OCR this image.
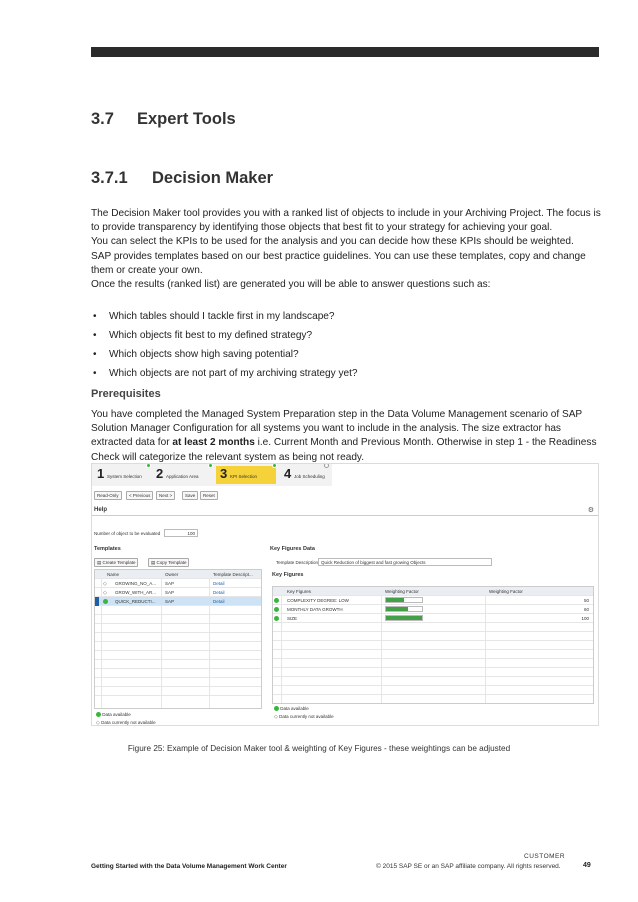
3.7 Expert Tools
3.7.1 Decision Maker
The Decision Maker tool provides you with a ranked list of objects to include in your Archiving Project. The focus is to provide transparency by identifying those objects that best fit to your strategy for achieving your goal.
You can select the KPIs to be used for the analysis and you can decide how these KPIs should be weighted.
SAP provides templates based on our best practice guidelines. You can use these templates, copy and change them or create your own.
Once the results (ranked list) are generated you will be able to answer questions such as:
• Which tables should I tackle first in my landscape?
• Which objects fit best to my defined strategy?
• Which objects show high saving potential?
• Which objects are not part of my archiving strategy yet?
Prerequisites
You have completed the Managed System Preparation step in the Data Volume Management scenario of SAP Solution Manager Configuration for all systems you want to include in the analysis. The size extractor has extracted data for at least 2 months i.e. Current Month and Previous Month. Otherwise in step 1 - the Readiness Check will categorize the relevant system as being not ready.
1 System Selection 2 Application Area 3 KPI Selection 4 Job Scheduling
Read-Only	< Previous	Next >	Save	Reset
Help	⚙
Number of object to be evaluated	100
Templates	Key Figures Data
▤ Create Template	▤ Copy Template
Name	Owner	Template Descript...
◇ GROWING_NO_A... SAP	Detail
◇ GROW_WITH_AR... SAP	Detail
QUICK_REDUCTI... SAP	Detail
Template Description Quick Reduction of biggest and fast growing Objects
Key Figures
Key Figures	Weighting Factor	Weighting Factor
COMPLEXITY DEGREE: LOW	50
MONTHLY DATA GROWTH	60
SIZE	100
Data available
◇ Data currently not available
Data available
◇ Data currently not available
Figure 25: Example of Decision Maker tool & weighting of Key Figures - these weightings can be adjusted
CUSTOMER
Getting Started with the Data Volume Management Work Center	© 2015 SAP SE or an SAP affiliate company. All rights reserved.	49
